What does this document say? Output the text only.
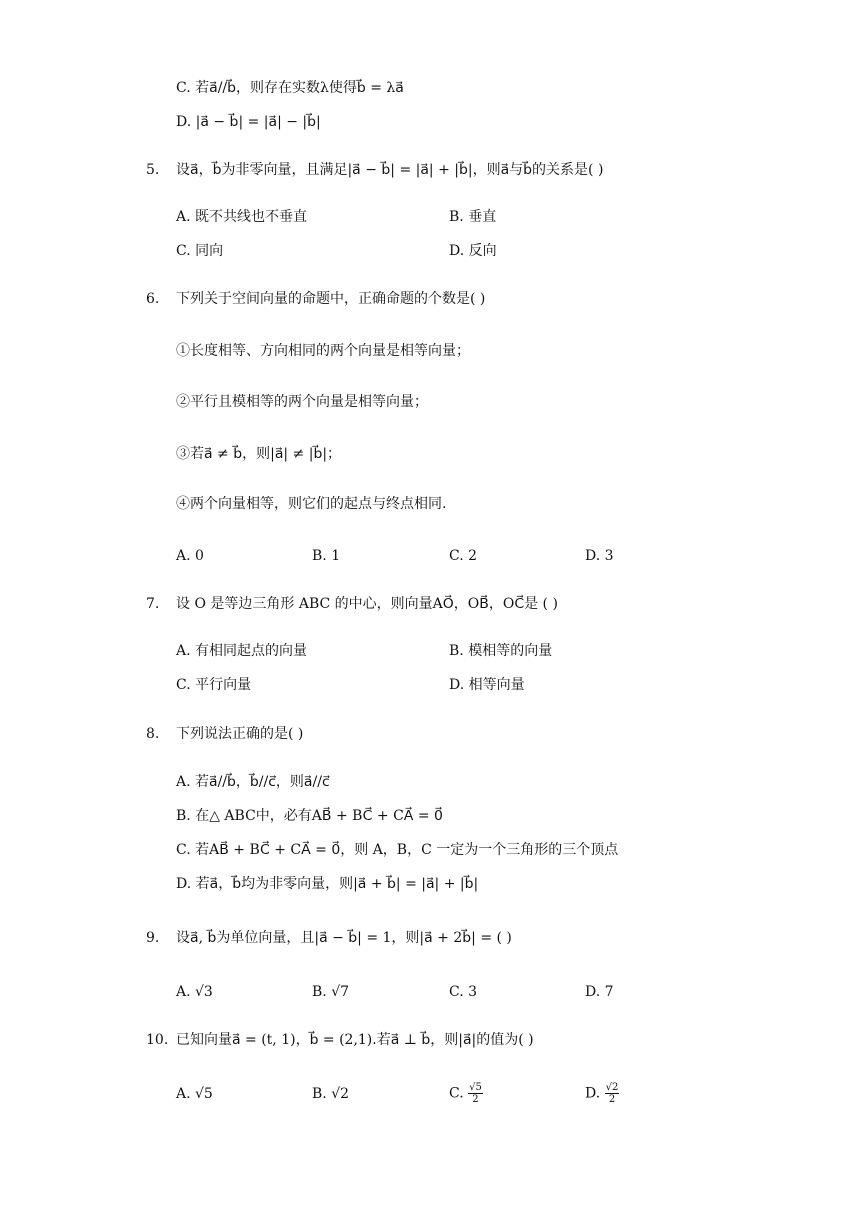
C. 若a⃗//b⃗，则存在实数λ使得b⃗ = λa⃗
D. |a⃗ − b⃗| = |a⃗| − |b⃗|
5. 设a⃗，b⃗为非零向量，且满足|a⃗ − b⃗| = |a⃗| + |b⃗|，则a⃗与b⃗的关系是( )
A. 既不共线也不垂直	B. 垂直
C. 同向	D. 反向
6. 下列关于空间向量的命题中，正确命题的个数是( )
①长度相等、方向相同的两个向量是相等向量；
②平行且模相等的两个向量是相等向量；
③若a⃗ ≠ b⃗，则|a⃗| ≠ |b⃗|；
④两个向量相等，则它们的起点与终点相同.
A. 0	B. 1	C. 2	D. 3
7. 设 O 是等边三角形 ABC 的中心，则向量AO⃗，OB⃗，OC⃗是 ( )
A. 有相同起点的向量	B. 模相等的向量
C. 平行向量	D. 相等向量
8. 下列说法正确的是( )
A. 若a⃗//b⃗，b⃗//c⃗，则a⃗//c⃗
B. 在△ ABC中，必有AB⃗ + BC⃗ + CA⃗ = 0⃗
C. 若AB⃗ + BC⃗ + CA⃗ = 0⃗，则 A，B，C 一定为一个三角形的三个顶点
D. 若a⃗，b⃗均为非零向量，则|a⃗ + b⃗| = |a⃗| + |b⃗|
9. 设a⃗, b⃗为单位向量，且|a⃗ − b⃗| = 1，则|a⃗ + 2b⃗| = ( )
A. √3	B. √7	C. 3	D. 7
10. 已知向量a⃗ = (t, 1)，b⃗ = (2,1).若a⃗ ⊥ b⃗，则|a⃗|的值为( )
A. √5	B. √2	C. $\frac{√5}{2}$	D. $\frac{√2}{2}$
